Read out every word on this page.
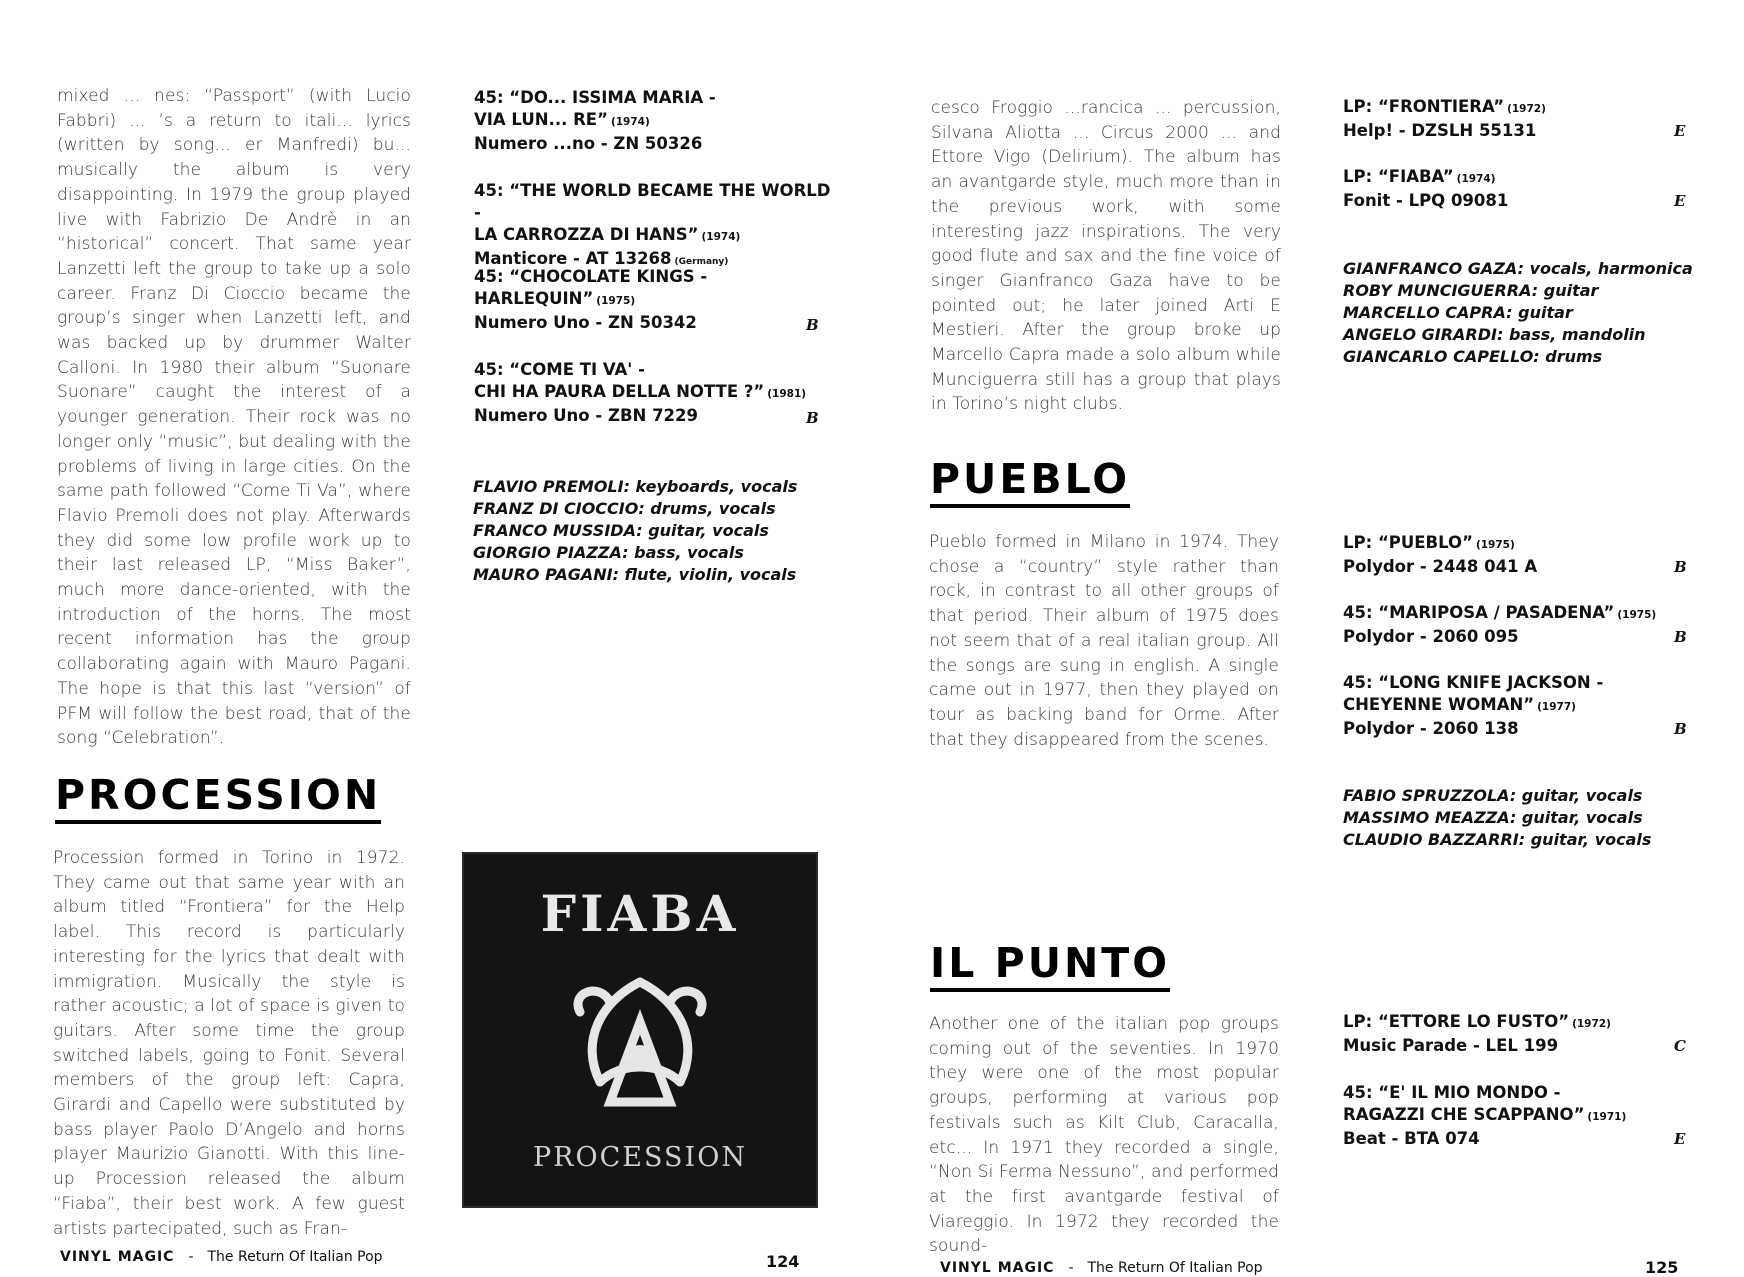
mixed ... nes: “Passport” (with Lucio Fabbri) ... ’s a return to itali... lyrics (written by song... er Manfredi) bu... musically the album is very disappointing. In 1979 the group played live with Fabrizio De Andrè in an “historical” concert. That same year Lanzetti left the group to take up a solo career. Franz Di Cioccio became the group’s singer when Lanzetti left, and was backed up by drummer Walter Calloni. In 1980 their album “Suonare Suonare” caught the interest of a younger generation. Their rock was no longer only “music”, but dealing with the problems of living in large cities. On the same path followed “Come Ti Va”, where Flavio Premoli does not play. Afterwards they did some low profile work up to their last released LP, “Miss Baker”, much more dance-oriented, with the introduction of the horns. The most recent information has the group collaborating again with Mauro Pagani. The hope is that this last “version” of PFM will follow the best road, that of the song “Celebration”.

45: “DO... ISSIMA MARIA -
VIA LUN... RE” (1974)
Numero ...no - ZN 50326
45: “THE WORLD BECAME THE WORLD -
LA CARROZZA DI HANS” (1974)
Manticore - AT 13268 (Germany)
45: “CHOCOLATE KINGS -
HARLEQUIN” (1975)
Numero Uno - ZN 50342	B
45: “COME TI VA' -
CHI HA PAURA DELLA NOTTE ?” (1981)
Numero Uno - ZBN 7229	B
FLAVIO PREMOLI: keyboards, vocals
FRANZ DI CIOCCIO: drums, vocals
FRANCO MUSSIDA: guitar, vocals
GIORGIO PIAZZA: bass, vocals
MAURO PAGANI: flute, violin, vocals
PROCESSION

Procession formed in Torino in 1972. They came out that same year with an album titled “Frontiera” for the Help label. This record is particularly interesting for the lyrics that dealt with immigration. Musically the style is rather acoustic; a lot of space is given to guitars. After some time the group switched labels, going to Fonit. Several members of the group left: Capra, Girardi and Capello were substituted by bass player Paolo D’Angelo and horns player Maurizio Gianotti. With this line-up Procession released the album “Fiaba”, their best work. A few guest artists partecipated, such as Fran-

FIABA
PROCESSION
VINYL MAGIC - The Return Of Italian Pop	124

cesco Froggio ...rancica ... percussion, Silvana Aliotta ... Circus 2000 ... and Ettore Vigo (Delirium). The album has an avantgarde style, much more than in the previous work, with some interesting jazz inspirations. The very good flute and sax and the fine voice of singer Gianfranco Gaza have to be pointed out; he later joined Arti E Mestieri. After the group broke up Marcello Capra made a solo album while Munciguerra still has a group that plays in Torino’s night clubs.

LP: “FRONTIERA” (1972)
Help! - DZSLH 55131	E
LP: “FIABA” (1974)
Fonit - LPQ 09081	E
GIANFRANCO GAZA: vocals, harmonica
ROBY MUNCIGUERRA: guitar
MARCELLO CAPRA: guitar
ANGELO GIRARDI: bass, mandolin
GIANCARLO CAPELLO: drums
PUEBLO

Pueblo formed in Milano in 1974. They chose a “country” style rather than rock, in contrast to all other groups of that period. Their album of 1975 does not seem that of a real italian group. All the songs are sung in english. A single came out in 1977, then they played on tour as backing band for Orme. After that they disappeared from the scenes.

LP: “PUEBLO” (1975)
Polydor - 2448 041 A	B
45: “MARIPOSA / PASADENA” (1975)
Polydor - 2060 095	B
45: “LONG KNIFE JACKSON -
CHEYENNE WOMAN” (1977)
Polydor - 2060 138	B
FABIO SPRUZZOLA: guitar, vocals
MASSIMO MEAZZA: guitar, vocals
CLAUDIO BAZZARRI: guitar, vocals
IL PUNTO

Another one of the italian pop groups coming out of the seventies. In 1970 they were one of the most popular groups, performing at various pop festivals such as Kilt Club, Caracalla, etc... In 1971 they recorded a single, “Non Si Ferma Nessuno”, and performed at the first avantgarde festival of Viareggio. In 1972 they recorded the sound-

LP: “ETTORE LO FUSTO” (1972)
Music Parade - LEL 199	C
45: “E' IL MIO MONDO -
RAGAZZI CHE SCAPPANO” (1971)
Beat - BTA 074	E
VINYL MAGIC - The Return Of Italian Pop	125
